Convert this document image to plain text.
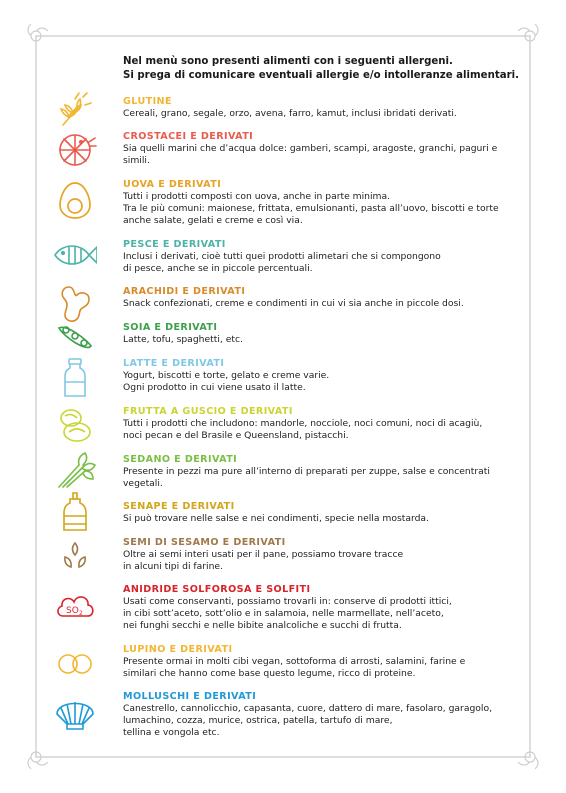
Nel menù sono presenti alimenti con i seguenti allergeni.
Si prega di comunicare eventuali allergie e/o intolleranze alimentari.
SO 2
GLUTINE
Cereali, grano, segale, orzo, avena, farro, kamut, inclusi ibridati derivati.
CROSTACEI E DERIVATI
Sia quelli marini che d’acqua dolce: gamberi, scampi, aragoste, granchi, paguri e
simili.
UOVA E DERIVATI
Tutti i prodotti composti con uova, anche in parte minima.
Tra le più comuni: maionese, frittata, emulsionanti, pasta all’uovo, biscotti e torte
anche salate, gelati e creme e così via.
PESCE E DERIVATI
Inclusi i derivati, cioè tutti quei prodotti alimetari che si compongono
di pesce, anche se in piccole percentuali.
ARACHIDI E DERIVATI
Snack confezionati, creme e condimenti in cui vi sia anche in piccole dosi.
SOIA E DERIVATI
Latte, tofu, spaghetti, etc.
LATTE E DERIVATI
Yogurt, biscotti e torte, gelato e creme varie.
Ogni prodotto in cui viene usato il latte.
FRUTTA A GUSCIO E DERIVATI
Tutti i prodotti che includono: mandorle, nocciole, noci comuni, noci di acagiù,
noci pecan e del Brasile e Queensland, pistacchi.
SEDANO E DERIVATI
Presente in pezzi ma pure all’interno di preparati per zuppe, salse e concentrati
vegetali.
SENAPE E DERIVATI
Si può trovare nelle salse e nei condimenti, specie nella mostarda.
SEMI DI SESAMO E DERIVATI
Oltre ai semi interi usati per il pane, possiamo trovare tracce
in alcuni tipi di farine.
ANIDRIDE SOLFOROSA E SOLFITI
Usati come conservanti, possiamo trovarli in: conserve di prodotti ittici,
in cibi sott’aceto, sott’olio e in salamoia, nelle marmellate, nell’aceto,
nei funghi secchi e nelle bibite analcoliche e succhi di frutta.
LUPINO E DERIVATI
Presente ormai in molti cibi vegan, sottoforma di arrosti, salamini, farine e
similari che hanno come base questo legume, ricco di proteine.
MOLLUSCHI E DERIVATI
Canestrello, cannolicchio, capasanta, cuore, dattero di mare, fasolaro, garagolo,
lumachino, cozza, murice, ostrica, patella, tartufo di mare,
tellina e vongola etc.
